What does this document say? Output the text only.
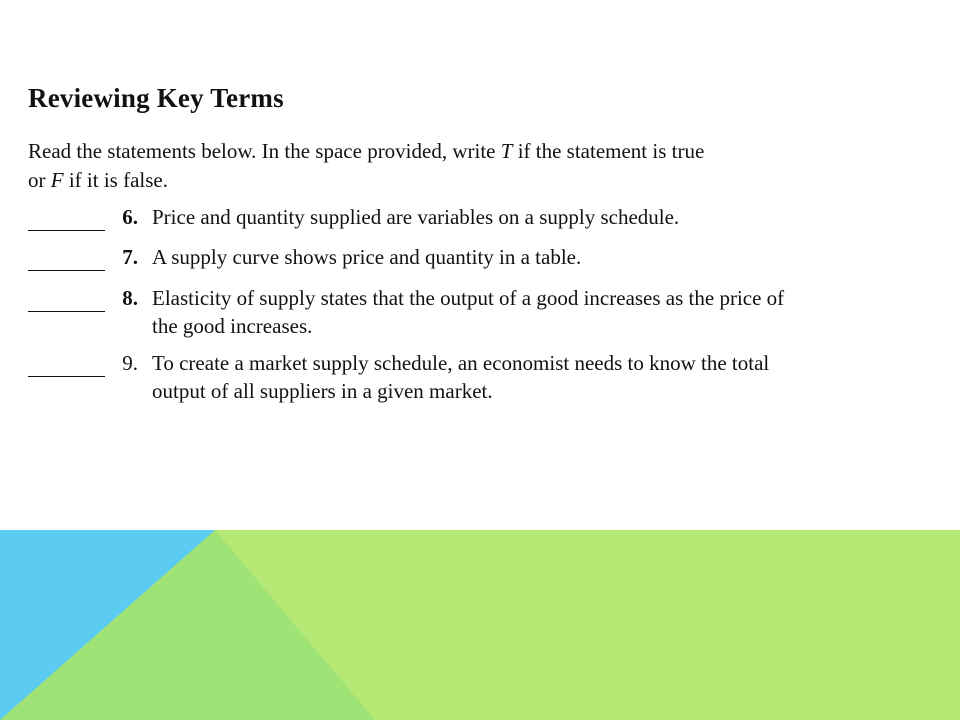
Reviewing Key Terms
Read the statements below. In the space provided, write T if the statement is true
or F if it is false.
6. Price and quantity supplied are variables on a supply schedule.
7. A supply curve shows price and quantity in a table.
8. Elasticity of supply states that the output of a good increases as the price of
the good increases.
9. To create a market supply schedule, an economist needs to know the total
output of all suppliers in a given market.
